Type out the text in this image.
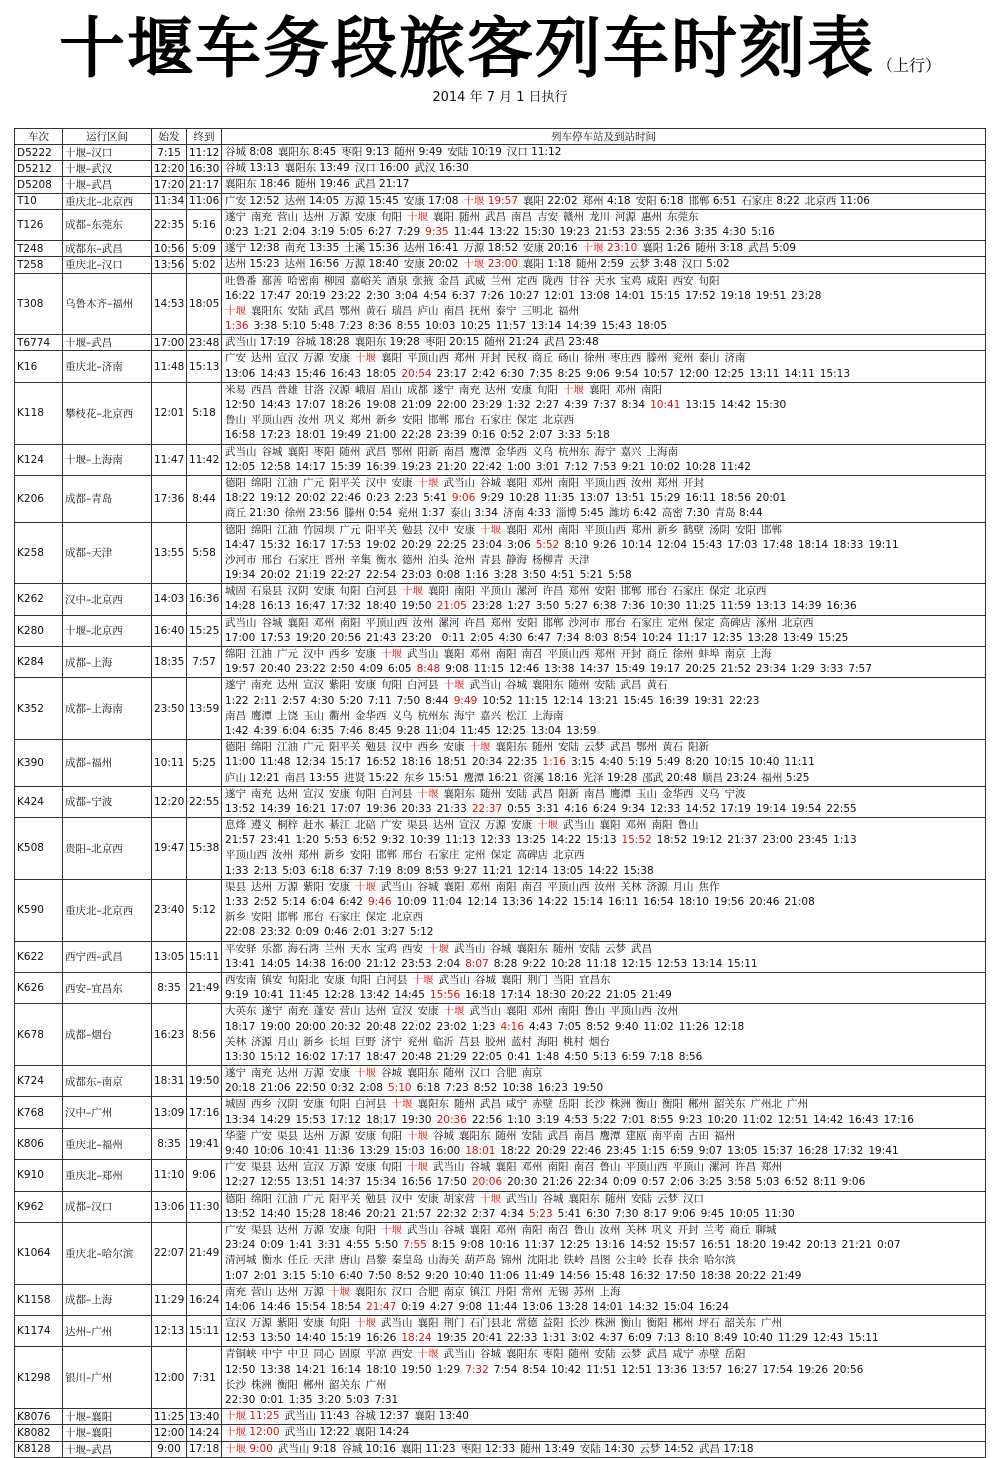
十堰车务段旅客列车时刻表 （上行）
2014 年 7 月 1 日执行
车次	运行区间	始发	终到	列车停车站及到站时间
D5222	十堰–汉口	7:15	11:12	谷城 8:08 襄阳东 8:45 枣阳 9:13 随州 9:49 安陆 10:19 汉口 11:12

D5212	十堰–武汉	12:20	16:30	谷城 13:13 襄阳东 13:49 汉口 16:00 武汉 16:30

D5208	十堰–武昌	17:20	21:17	襄阳东 18:46 随州 19:46 武昌 21:17

T10	重庆北–北京西	11:34	11:06	广安 12:52 达州 14:05 万源 15:45 安康 17:08 十堰 19:57 襄阳 22:02 郑州 4:18 安阳 6:18 邯郸 6:51 石家庄 8:22 北京西 11:06

T126	成都–东莞东	22:35	5:16	遂宁 南充 营山 达州 万源 安康 旬阳 十堰 襄阳 随州 武昌 南昌 吉安 赣州 龙川 河源 惠州 东莞东
0:23 1:21 2:04 3:19 5:05 6:27 7:29 9:35 11:44 13:22 15:30 19:23 21:53 23:55 2:36 3:35 4:30 5:16

T248	成都东–武昌	10:56	5:09	遂宁 12:38 南充 13:35 土溪 15:36 达州 16:41 万源 18:52 安康 20:16 十堰 23:10 襄阳 1:26 随州 3:18 武昌 5:09

T258	重庆北–汉口	13:56	5:02	达州 15:23 达州 16:56 万源 18:40 安康 20:02 十堰 23:00 襄阳 1:18 随州 2:59 云梦 3:48 汉口 5:02

T308	乌鲁木齐–福州	14:53	18:05	吐鲁番 鄯善 哈密南 柳园 嘉峪关 酒泉 张掖 金昌 武威 兰州 定西 陇西 甘谷 天水 宝鸡 咸阳 西安 旬阳
16:22 17:47 20:19 23:22 2:30 3:04 4:54 6:37 7:26 10:27 12:01 13:08 14:01 15:15 17:52 19:18 19:51 23:28
十堰 襄阳东 安陆 武昌 鄂州 黄石 瑞昌 庐山 南昌 抚州 泰宁 三明北 福州
1:36 3:38 5:10 5:48 7:23 8:36 8:55 10:03 10:25 11:57 13:14 14:39 15:43 18:05

T6774	十堰–武昌	17:00	23:48	武当山 17:19 谷城 18:28 襄阳东 19:28 枣阳 20:15 随州 21:24 武昌 23:48

K16	重庆北–济南	11:48	15:13	广安 达州 宣汉 万源 安康 十堰 襄阳 平顶山西 郑州 开封 民权 商丘 砀山 徐州 枣庄西 滕州 兖州 泰山 济南
13:06 14:43 15:46 16:43 18:05 20:54 23:17 2:42 6:30 7:35 8:25 9:06 9:54 10:57 12:00 12:25 13:11 14:11 15:13

K118	攀枝花–北京西	12:01	5:18	米易 西昌 普雄 甘洛 汉源 峨眉 眉山 成都 遂宁 南充 达州 安康 旬阳 十堰 襄阳 邓州 南阳
12:50 14:43 17:07 18:26 19:08 21:09 22:00 23:29 1:32 2:27 4:39 7:37 8:34 10:41 13:15 14:42 15:30
鲁山 平顶山西 汝州 巩义 郑州 新乡 安阳 邯郸 邢台 石家庄 保定 北京西
16:58 17:23 18:01 19:49 21:00 22:28 23:39 0:16 0:52 2:07 3:33 5:18

K124	十堰–上海南	11:47	11:42	武当山 谷城 襄阳 枣阳 随州 武昌 鄂州 阳新 南昌 鹰潭 金华西 义乌 杭州东 海宁 嘉兴 上海南
12:05 12:58 14:17 15:39 16:39 19:23 21:20 22:42 1:00 3:01 7:12 7:53 9:21 10:02 10:28 11:42

K206	成都–青岛	17:36	8:44	德阳 绵阳 江油 广元 阳平关 汉中 安康 十堰 武当山 谷城 襄阳 邓州 南阳 平顶山西 汝州 郑州 开封
18:22 19:12 20:02 22:46 0:23 2:23 5:41 9:06 9:29 10:28 11:35 13:07 13:51 15:29 16:11 18:56 20:01
商丘 21:30 徐州 23:56 滕州 0:54 兖州 1:37 泰山 3:34 济南 4:33 淄博 5:45 潍坊 6:42 高密 7:30 青岛 8:44

K258	成都–天津	13:55	5:58	德阳 绵阳 江油 竹园坝 广元 阳平关 勉县 汉中 安康 十堰 襄阳 邓州 南阳 平顶山西 郑州 新乡 鹤壁 汤阴 安阳 邯郸
14:47 15:32 16:17 17:53 19:02 20:29 22:25 23:04 3:06 5:52 8:10 9:26 10:14 12:04 15:43 17:03 17:48 18:14 18:33 19:11
沙河市 邢台 石家庄 晋州 辛集 衡水 德州 泊头 沧州 青县 静海 杨柳青 天津
19:34 20:02 21:19 22:27 22:54 23:03 0:08 1:16 3:28 3:50 4:51 5:21 5:58

K262	汉中–北京西	14:03	16:36	城固 石泉县 汉阴 安康 旬阳 白河县 十堰 襄阳 南阳 平顶山 漯河 许昌 郑州 安阳 邯郸 邢台 石家庄 保定 北京西
14:28 16:13 16:47 17:32 18:40 19:50 21:05 23:28 1:27 3:50 5:27 6:38 7:36 10:30 11:25 11:59 13:13 14:39 16:36

K280	十堰–北京西	16:40	15:25	武当山 谷城 襄阳 邓州 南阳 平顶山西 汝州 漯河 许昌 郑州 安阳 邯郸 沙河市 邢台 石家庄 定州 保定 高碑店 涿州 北京西
17:00 17:53 19:20 20:56 21:43 23:20 0:11 2:05 4:30 6:47 7:34 8:03 8:54 10:24 11:17 12:35 13:28 13:49 15:25

K284	成都–上海	18:35	7:57	绵阳 江油 广元 汉中 西乡 安康 十堰 武当山 襄阳 邓州 南阳 南召 平顶山西 郑州 开封 商丘 徐州 蚌埠 南京 上海
19:57 20:40 23:22 2:50 4:09 6:05 8:48 9:08 11:15 12:46 13:38 14:37 15:49 19:17 20:25 21:52 23:34 1:29 3:33 7:57

K352	成都–上海南	23:50	13:59	遂宁 南充 达州 宣汉 紫阳 安康 旬阳 白河县 十堰 武当山 谷城 襄阳东 随州 安陆 武昌 黄石
1:22 2:11 2:57 4:30 5:20 7:11 7:50 8:44 9:49 10:52 11:15 12:14 13:21 15:45 16:39 19:31 22:23
南昌 鹰潭 上饶 玉山 衢州 金华西 义乌 杭州东 海宁 嘉兴 松江 上海南
1:42 4:39 6:04 6:35 7:46 8:45 9:28 11:04 11:45 12:25 13:04 13:59

K390	成都–福州	10:11	5:25	德阳 绵阳 江油 广元 阳平关 勉县 汉中 西乡 安康 十堰 襄阳东 随州 安陆 云梦 武昌 鄂州 黄石 阳新
11:00 11:48 12:34 15:17 16:52 18:16 18:51 20:34 22:35 1:16 3:15 4:40 5:19 5:49 8:20 10:15 10:40 11:11
庐山 12:21 南昌 13:55 进贤 15:22 东乡 15:51 鹰潭 16:21 资溪 18:16 光泽 19:28 邵武 20:48 顺昌 23:24 福州 5:25

K424	成都–宁波	12:20	22:55	遂宁 南充 达州 宣汉 安康 旬阳 白河县 十堰 襄阳东 随州 安陆 武昌 阳新 南昌 鹰潭 玉山 金华西 义乌 宁波
13:52 14:39 16:21 17:07 19:36 20:33 21:33 22:37 0:55 3:31 4:16 6:24 9:34 12:33 14:52 17:19 19:14 19:54 22:55

K508	贵阳–北京西	19:47	15:38	息烽 遵义 桐梓 赶水 綦江 北碚 广安 渠县 达州 宣汉 万源 安康 十堰 武当山 襄阳 邓州 南阳 鲁山
21:57 23:41 1:20 5:53 6:52 9:32 10:39 11:13 12:33 13:25 14:22 15:13 15:52 18:52 19:12 21:37 23:00 23:45 1:13
平顶山西 汝州 郑州 新乡 安阳 邯郸 邢台 石家庄 定州 保定 高碑店 北京西
1:33 2:13 5:03 6:18 6:37 7:19 8:09 8:53 9:27 11:21 12:14 13:05 14:22 15:38

K590	重庆北–北京西	23:40	5:12	渠县 达州 万源 紫阳 安康 十堰 武当山 谷城 襄阳 邓州 南阳 南召 平顶山西 汝州 关林 济源 月山 焦作
1:33 2:52 5:14 6:04 6:42 9:46 10:09 11:04 12:14 13:36 14:22 15:14 16:11 16:54 18:10 19:56 20:46 21:08
新乡 安阳 邯郸 邢台 石家庄 保定 北京西
22:08 23:32 0:09 0:46 2:01 3:27 5:12

K622	西宁西–武昌	13:05	15:11	平安驿 乐都 海石湾 兰州 天水 宝鸡 西安 十堰 武当山 谷城 襄阳东 随州 安陆 云梦 武昌
13:41 14:05 14:38 16:00 21:12 23:53 2:04 8:07 8:28 9:22 10:28 11:18 12:15 12:53 13:14 15:11

K626	西安–宜昌东	8:35	21:49	西安南 镇安 旬阳北 安康 旬阳 白河县 十堰 武当山 谷城 襄阳 荆门 当阳 宜昌东
9:19 10:41 11:45 12:28 13:42 14:45 15:56 16:18 17:14 18:30 20:22 21:05 21:49

K678	成都–烟台	16:23	8:56	大英东 遂宁 南充 蓬安 营山 达州 宣汉 安康 十堰 武当山 襄阳 邓州 南阳 鲁山 平顶山西 汝州
18:17 19:00 20:00 20:32 20:48 22:02 23:02 1:23 4:16 4:43 7:05 8:52 9:40 11:02 11:26 12:18
关林 济源 月山 新乡 长垣 巨野 济宁 兖州 临沂 莒县 胶州 蓝村 海阳 桃村 烟台
13:30 15:12 16:02 17:17 18:47 20:48 21:29 22:05 0:41 1:48 4:50 5:13 6:59 7:18 8:56

K724	成都东–南京	18:31	19:50	遂宁 南充 达州 万源 安康 十堰 谷城 襄阳东 随州 汉口 合肥 南京
20:18 21:06 22:50 0:32 2:08 5:10 6:18 7:23 8:52 10:38 16:23 19:50

K768	汉中–广州	13:09	17:16	城固 西乡 汉阴 安康 旬阳 白河县 十堰 襄阳东 随州 武昌 咸宁 赤壁 岳阳 长沙 株洲 衡山 衡阳 郴州 韶关东 广州北 广州
13:34 14:29 15:53 17:12 18:17 19:30 20:36 22:56 1:10 3:19 4:53 5:22 7:01 8:55 9:23 10:20 11:02 12:51 14:42 16:43 17:16

K806	重庆北–福州	8:35	19:41	华蓥 广安 渠县 达州 万源 安康 旬阳 十堰 谷城 襄阳东 随州 安陆 武昌 南昌 鹰潭 建瓯 南平南 古田 福州
9:40 10:06 10:41 11:36 13:29 15:03 16:00 18:01 18:22 20:29 22:46 23:45 1:15 6:59 9:07 13:05 15:37 16:28 17:32 19:41

K910	重庆北–郑州	11:10	9:06	广安 渠县 达州 宣汉 万源 安康 旬阳 十堰 武当山 谷城 襄阳 邓州 南阳 南召 鲁山 平顶山西 平顶山 漯河 许昌 郑州
12:27 12:55 13:51 14:37 15:34 16:56 17:50 20:06 20:30 21:26 22:34 0:09 0:57 2:06 3:25 3:58 5:03 6:52 8:11 9:06

K962	成都–汉口	13:06	11:30	德阳 绵阳 江油 广元 阳平关 勉县 汉中 安康 胡家营 十堰 武当山 谷城 襄阳东 随州 安陆 云梦 汉口
13:52 14:40 15:28 18:46 20:21 21:57 22:32 2:37 4:34 5:23 5:41 6:30 7:30 8:17 9:06 9:45 10:05 11:30

K1064	重庆北–哈尔滨	22:07	21:49	广安 渠县 达州 万源 安康 旬阳 十堰 武当山 谷城 襄阳 邓州 南阳 南召 鲁山 汝州 关林 巩义 开封 兰考 商丘 聊城
23:24 0:09 1:41 3:31 4:55 5:50 7:55 8:15 9:08 10:16 11:37 12:25 13:16 14:52 15:57 16:51 18:20 19:42 20:13 21:21 0:07
清河城 衡水 任丘 天津 唐山 昌黎 秦皇岛 山海关 葫芦岛 锦州 沈阳北 铁岭 昌图 公主岭 长春 扶余 哈尔滨
1:07 2:01 3:15 5:10 6:40 7:50 8:52 9:20 10:40 11:06 11:49 14:56 15:48 16:32 17:50 18:38 20:22 21:49

K1158	成都–上海	11:29	16:24	南充 营山 达州 万源 十堰 襄阳东 汉口 合肥 南京 镇江 丹阳 常州 无锡 苏州 上海
14:06 14:46 15:54 18:54 21:47 0:19 4:27 9:08 11:44 13:06 13:28 14:01 14:32 15:04 16:24

K1174	达州–广州	12:13	15:11	宣汉 万源 紫阳 安康 旬阳 十堰 武当山 襄阳 荆门 石门县北 常德 益阳 长沙 株洲 衡山 衡阳 郴州 坪石 韶关东 广州
12:53 13:50 14:40 15:19 16:26 18:24 19:35 20:41 22:33 1:31 3:02 4:37 6:09 7:13 8:10 8:49 10:40 11:29 12:43 15:11

K1298	银川–广州	12:00	7:31	青铜峡 中宁 中卫 同心 固原 平凉 西安 十堰 武当山 谷城 襄阳东 枣阳 随州 安陆 云梦 武昌 咸宁 赤壁 岳阳
12:50 13:38 14:21 16:14 18:10 19:50 1:29 7:32 7:54 8:54 10:42 11:51 12:51 13:36 13:57 16:27 17:54 19:26 20:56
长沙 株洲 衡阳 郴州 韶关东 广州
22:30 0:01 1:35 3:20 5:03 7:31

K8076	十堰–襄阳	11:25	13:40	十堰 11:25 武当山 11:43 谷城 12:37 襄阳 13:40

K8082	十堰–襄阳	12:00	14:24	十堰 12:00 武当山 12:22 襄阳 14:24

K8128	十堰–武昌	9:00	17:18	十堰 9:00 武当山 9:18 谷城 10:16 襄阳 11:23 枣阳 12:33 随州 13:49 安陆 14:30 云梦 14:52 武昌 17:18
